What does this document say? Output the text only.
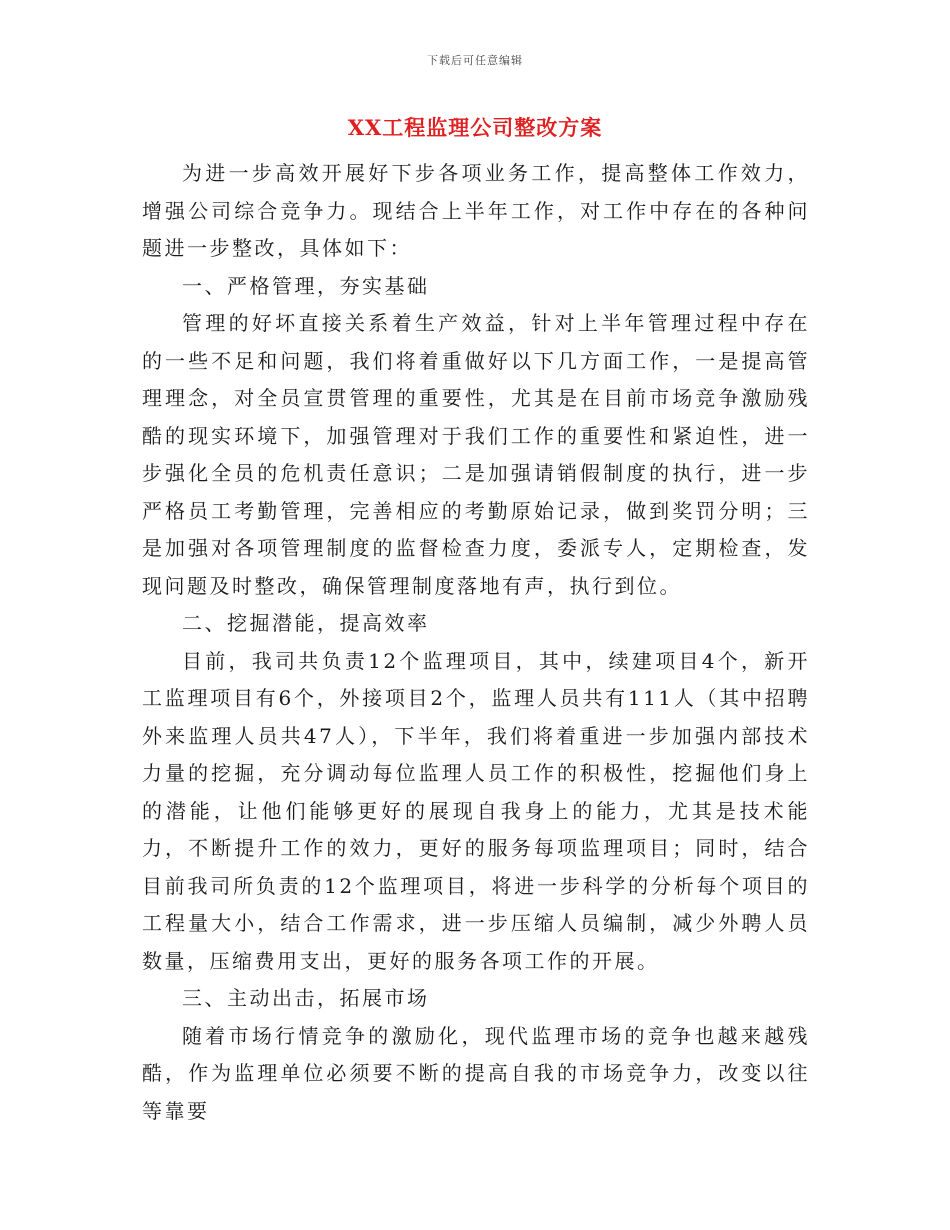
下载后可任意编辑
XX工程监理公司整改方案

为进一步高效开展好下步各项业务工作，提高整体工作效力，增强公司综合竞争力。现结合上半年工作，对工作中存在的各种问题进一步整改，具体如下：

一、严格管理，夯实基础

管理的好坏直接关系着生产效益，针对上半年管理过程中存在的一些不足和问题，我们将着重做好以下几方面工作，一是提高管理理念，对全员宣贯管理的重要性，尤其是在目前市场竞争激励残酷的现实环境下，加强管理对于我们工作的重要性和紧迫性，进一步强化全员的危机责任意识；二是加强请销假制度的执行，进一步严格员工考勤管理，完善相应的考勤原始记录，做到奖罚分明；三是加强对各项管理制度的监督检查力度，委派专人，定期检查，发现问题及时整改，确保管理制度落地有声，执行到位。

二、挖掘潜能，提高效率

目前，我司共负责12个监理项目，其中，续建项目4个，新开工监理项目有6个，外接项目2个，监理人员共有111人（其中招聘外来监理人员共47人），下半年，我们将着重进一步加强内部技术力量的挖掘，充分调动每位监理人员工作的积极性，挖掘他们身上的潜能，让他们能够更好的展现自我身上的能力，尤其是技术能力，不断提升工作的效力，更好的服务每项监理项目；同时，结合目前我司所负责的12个监理项目，将进一步科学的分析每个项目的工程量大小，结合工作需求，进一步压缩人员编制，减少外聘人员数量，压缩费用支出，更好的服务各项工作的开展。

三、主动出击，拓展市场

随着市场行情竞争的激励化，现代监理市场的竞争也越来越残酷，作为监理单位必须要不断的提高自我的市场竞争力，改变以往等靠要
